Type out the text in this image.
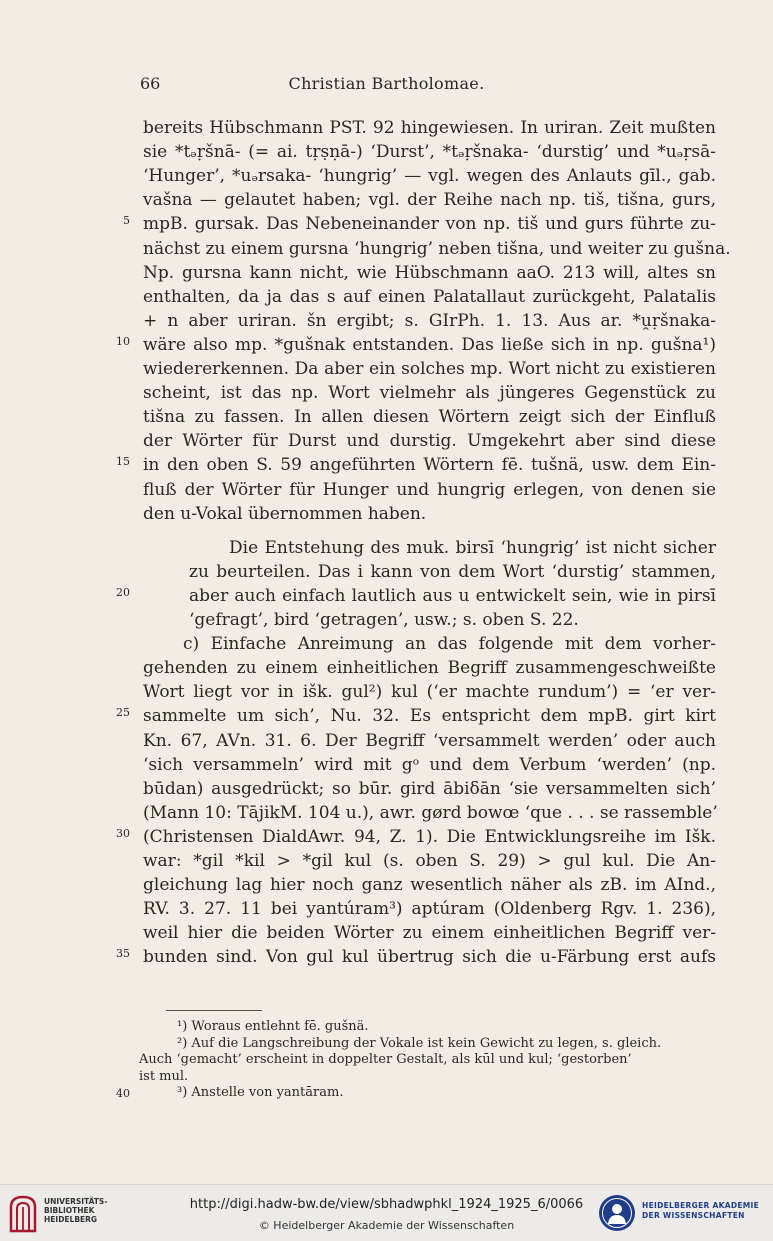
66	Christian Bartholomae.
bereits Hübschmann PST. 92 hingewiesen. In uriran. Zeit mußten
sie *tₔṛšnā- (= ai. tṛṣṇā-) ‘Durst’, *tₔṛšnaka- ‘durstig’ und *uₔṛsā-
‘Hunger’, *uₔrsaka- ‘hungrig’ — vgl. wegen des Anlauts gīl., gab.
vašna — gelautet haben; vgl. der Reihe nach np. tiš, tišna, gurs,
mpB. gursak. Das Nebeneinander von np. tiš und gurs führte zu-
5
nächst zu einem gursna ‘hungrig’ neben tišna, und weiter zu gušna.
Np. gursna kann nicht, wie Hübschmann aaO. 213 will, altes sn
enthalten, da ja das s auf einen Palatallaut zurückgeht, Palatalis
+ n aber uriran. šn ergibt; s. GIrPh. 1. 13. Aus ar. *u̯ṛšnaka-
wäre also mp. *gušnak entstanden. Das ließe sich in np. gušna¹)
10
wiedererkennen. Da aber ein solches mp. Wort nicht zu existieren
scheint, ist das np. Wort vielmehr als jüngeres Gegenstück zu
tišna zu fassen. In allen diesen Wörtern zeigt sich der Einfluß
der Wörter für Durst und durstig. Umgekehrt aber sind diese
in den oben S. 59 angeführten Wörtern fē. tušnä, usw. dem Ein-
15
fluß der Wörter für Hunger und hungrig erlegen, von denen sie
den u-Vokal übernommen haben.
Die Entstehung des muk. birsī ‘hungrig’ ist nicht sicher
zu beurteilen. Das i kann von dem Wort ‘durstig’ stammen,
aber auch einfach lautlich aus u entwickelt sein, wie in pirsī
20
‘gefragt’, bird ‘getragen’, usw.; s. oben S. 22.
c) Einfache Anreimung an das folgende mit dem vorher-
gehenden zu einem einheitlichen Begriff zusammengeschweißte
Wort liegt vor in išk. gul²) kul (‘er machte rundum’) = ‘er ver-
sammelte um sich’, Nu. 32. Es entspricht dem mpB. girt kirt
25
Kn. 67, AVn. 31. 6. Der Begriff ‘versammelt werden’ oder auch
‘sich versammeln’ wird mit gᵒ und dem Verbum ‘werden’ (np.
būdan) ausgedrückt; so būr. gird ābiδān ‘sie versammelten sich’
(Mann 10: TājikM. 104 u.), awr. gørd bowœ ‘que . . . se rassemble’
(Christensen DialdAwr. 94, Z. 1). Die Entwicklungsreihe im Išk.
30
war: *gil *kil > *gil kul (s. oben S. 29) > gul kul. Die An-
gleichung lag hier noch ganz wesentlich näher als zB. im AInd.,
RV. 3. 27. 11 bei yantúram³) aptúram (Oldenberg Rgv. 1. 236),
weil hier die beiden Wörter zu einem einheitlichen Begriff ver-
bunden sind. Von gul kul übertrug sich die u-Färbung erst aufs
35
¹) Woraus entlehnt fē. gušnä.
²) Auf die Langschreibung der Vokale ist kein Gewicht zu legen, s. gleich.
Auch ‘gemacht’ erscheint in doppelter Gestalt, als kūl und kul; ‘gestorben’
ist mul.
³) Anstelle von yantāram.
40
UNIVERSITÄTS-
BIBLIOTHEK
HEIDELBERG
http://digi.hadw-bw.de/view/sbhadwphkl_1924_1925_6/0066
© Heidelberger Akademie der Wissenschaften
HEIDELBERGER AKADEMIE
DER WISSENSCHAFTEN
